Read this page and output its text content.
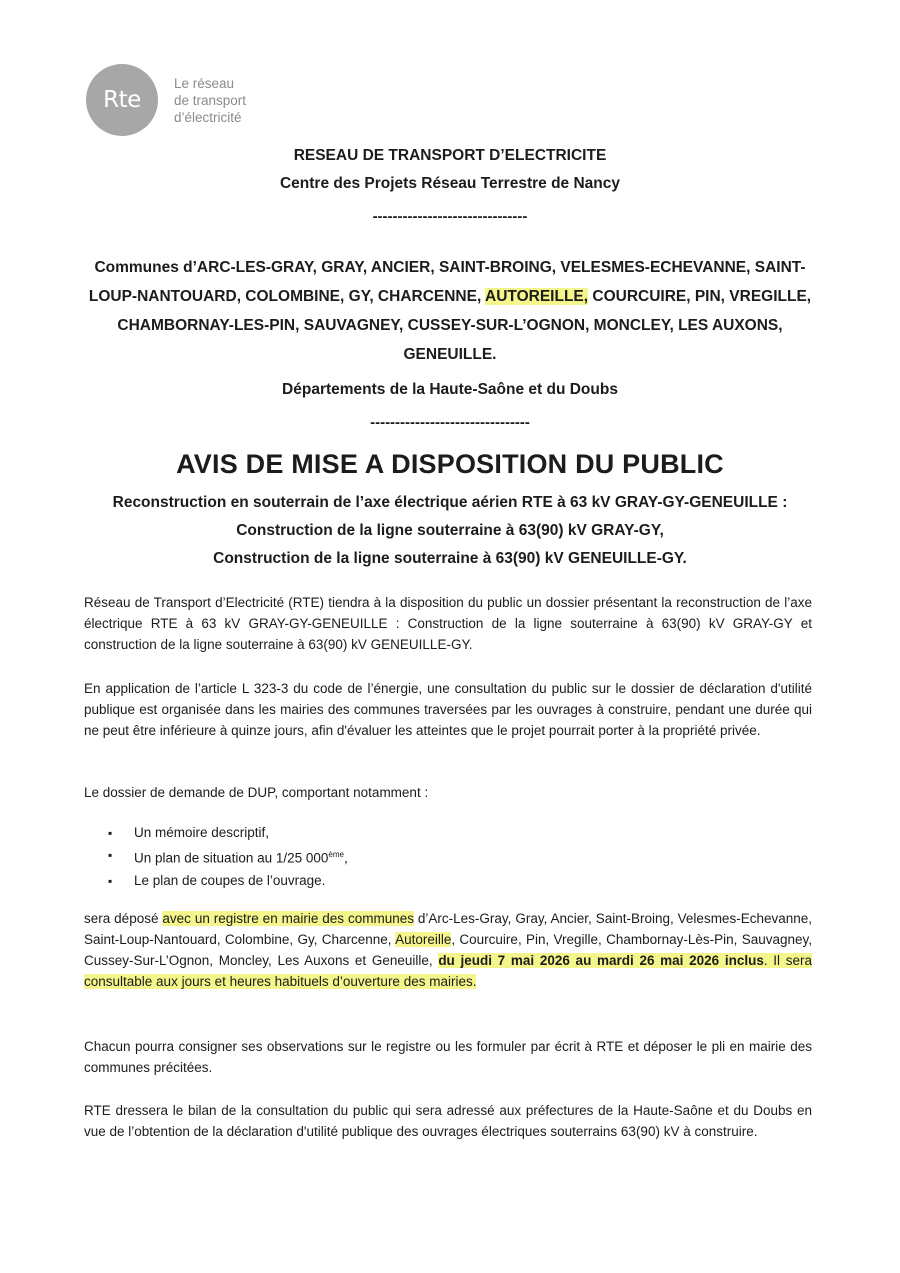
Rte
Le réseau
de transport
d’électricité
RESEAU DE TRANSPORT D’ELECTRICITE
Centre des Projets Réseau Terrestre de Nancy
-------------------------------
Communes d’ARC-LES-GRAY, GRAY, ANCIER, SAINT-BROING, VELESMES-ECHEVANNE, SAINT-LOUP-NANTOUARD, COLOMBINE, GY, CHARCENNE, AUTOREILLE, COURCUIRE, PIN, VREGILLE, CHAMBORNAY-LES-PIN, SAUVAGNEY, CUSSEY-SUR-L’OGNON, MONCLEY, LES AUXONS, GENEUILLE.
Départements de la Haute-Saône et du Doubs
--------------------------------
AVIS DE MISE A DISPOSITION DU PUBLIC
Reconstruction en souterrain de l’axe électrique aérien RTE à 63 kV GRAY-GY-GENEUILLE :
Construction de la ligne souterraine à 63(90) kV GRAY-GY,
Construction de la ligne souterraine à 63(90) kV GENEUILLE-GY.
Réseau de Transport d’Electricité (RTE) tiendra à la disposition du public un dossier présentant la reconstruction de l’axe électrique RTE à 63 kV GRAY-GY-GENEUILLE : Construction de la ligne souterraine à 63(90) kV GRAY-GY et construction de la ligne souterraine à 63(90) kV GENEUILLE-GY.
En application de l’article L 323-3 du code de l’énergie, une consultation du public sur le dossier de déclaration d'utilité publique est organisée dans les mairies des communes traversées par les ouvrages à construire, pendant une durée qui ne peut être inférieure à quinze jours, afin d'évaluer les atteintes que le projet pourrait porter à la propriété privée.
Le dossier de demande de DUP, comportant notamment :
▪ Un mémoire descriptif,
▪ Un plan de situation au 1/25 000ème,
▪ Le plan de coupes de l’ouvrage.
sera déposé avec un registre en mairie des communes d’Arc-Les-Gray, Gray, Ancier, Saint-Broing, Velesmes-Echevanne, Saint-Loup-Nantouard, Colombine, Gy, Charcenne, Autoreille, Courcuire, Pin, Vregille, Chambornay-Lès-Pin, Sauvagney, Cussey-Sur-L’Ognon, Moncley, Les Auxons et Geneuille, du jeudi 7 mai 2026 au mardi 26 mai 2026 inclus. Il sera consultable aux jours et heures habituels d’ouverture des mairies.
Chacun pourra consigner ses observations sur le registre ou les formuler par écrit à RTE et déposer le pli en mairie des communes précitées.
RTE dressera le bilan de la consultation du public qui sera adressé aux préfectures de la Haute-Saône et du Doubs en vue de l’obtention de la déclaration d'utilité publique des ouvrages électriques souterrains 63(90) kV à construire.
